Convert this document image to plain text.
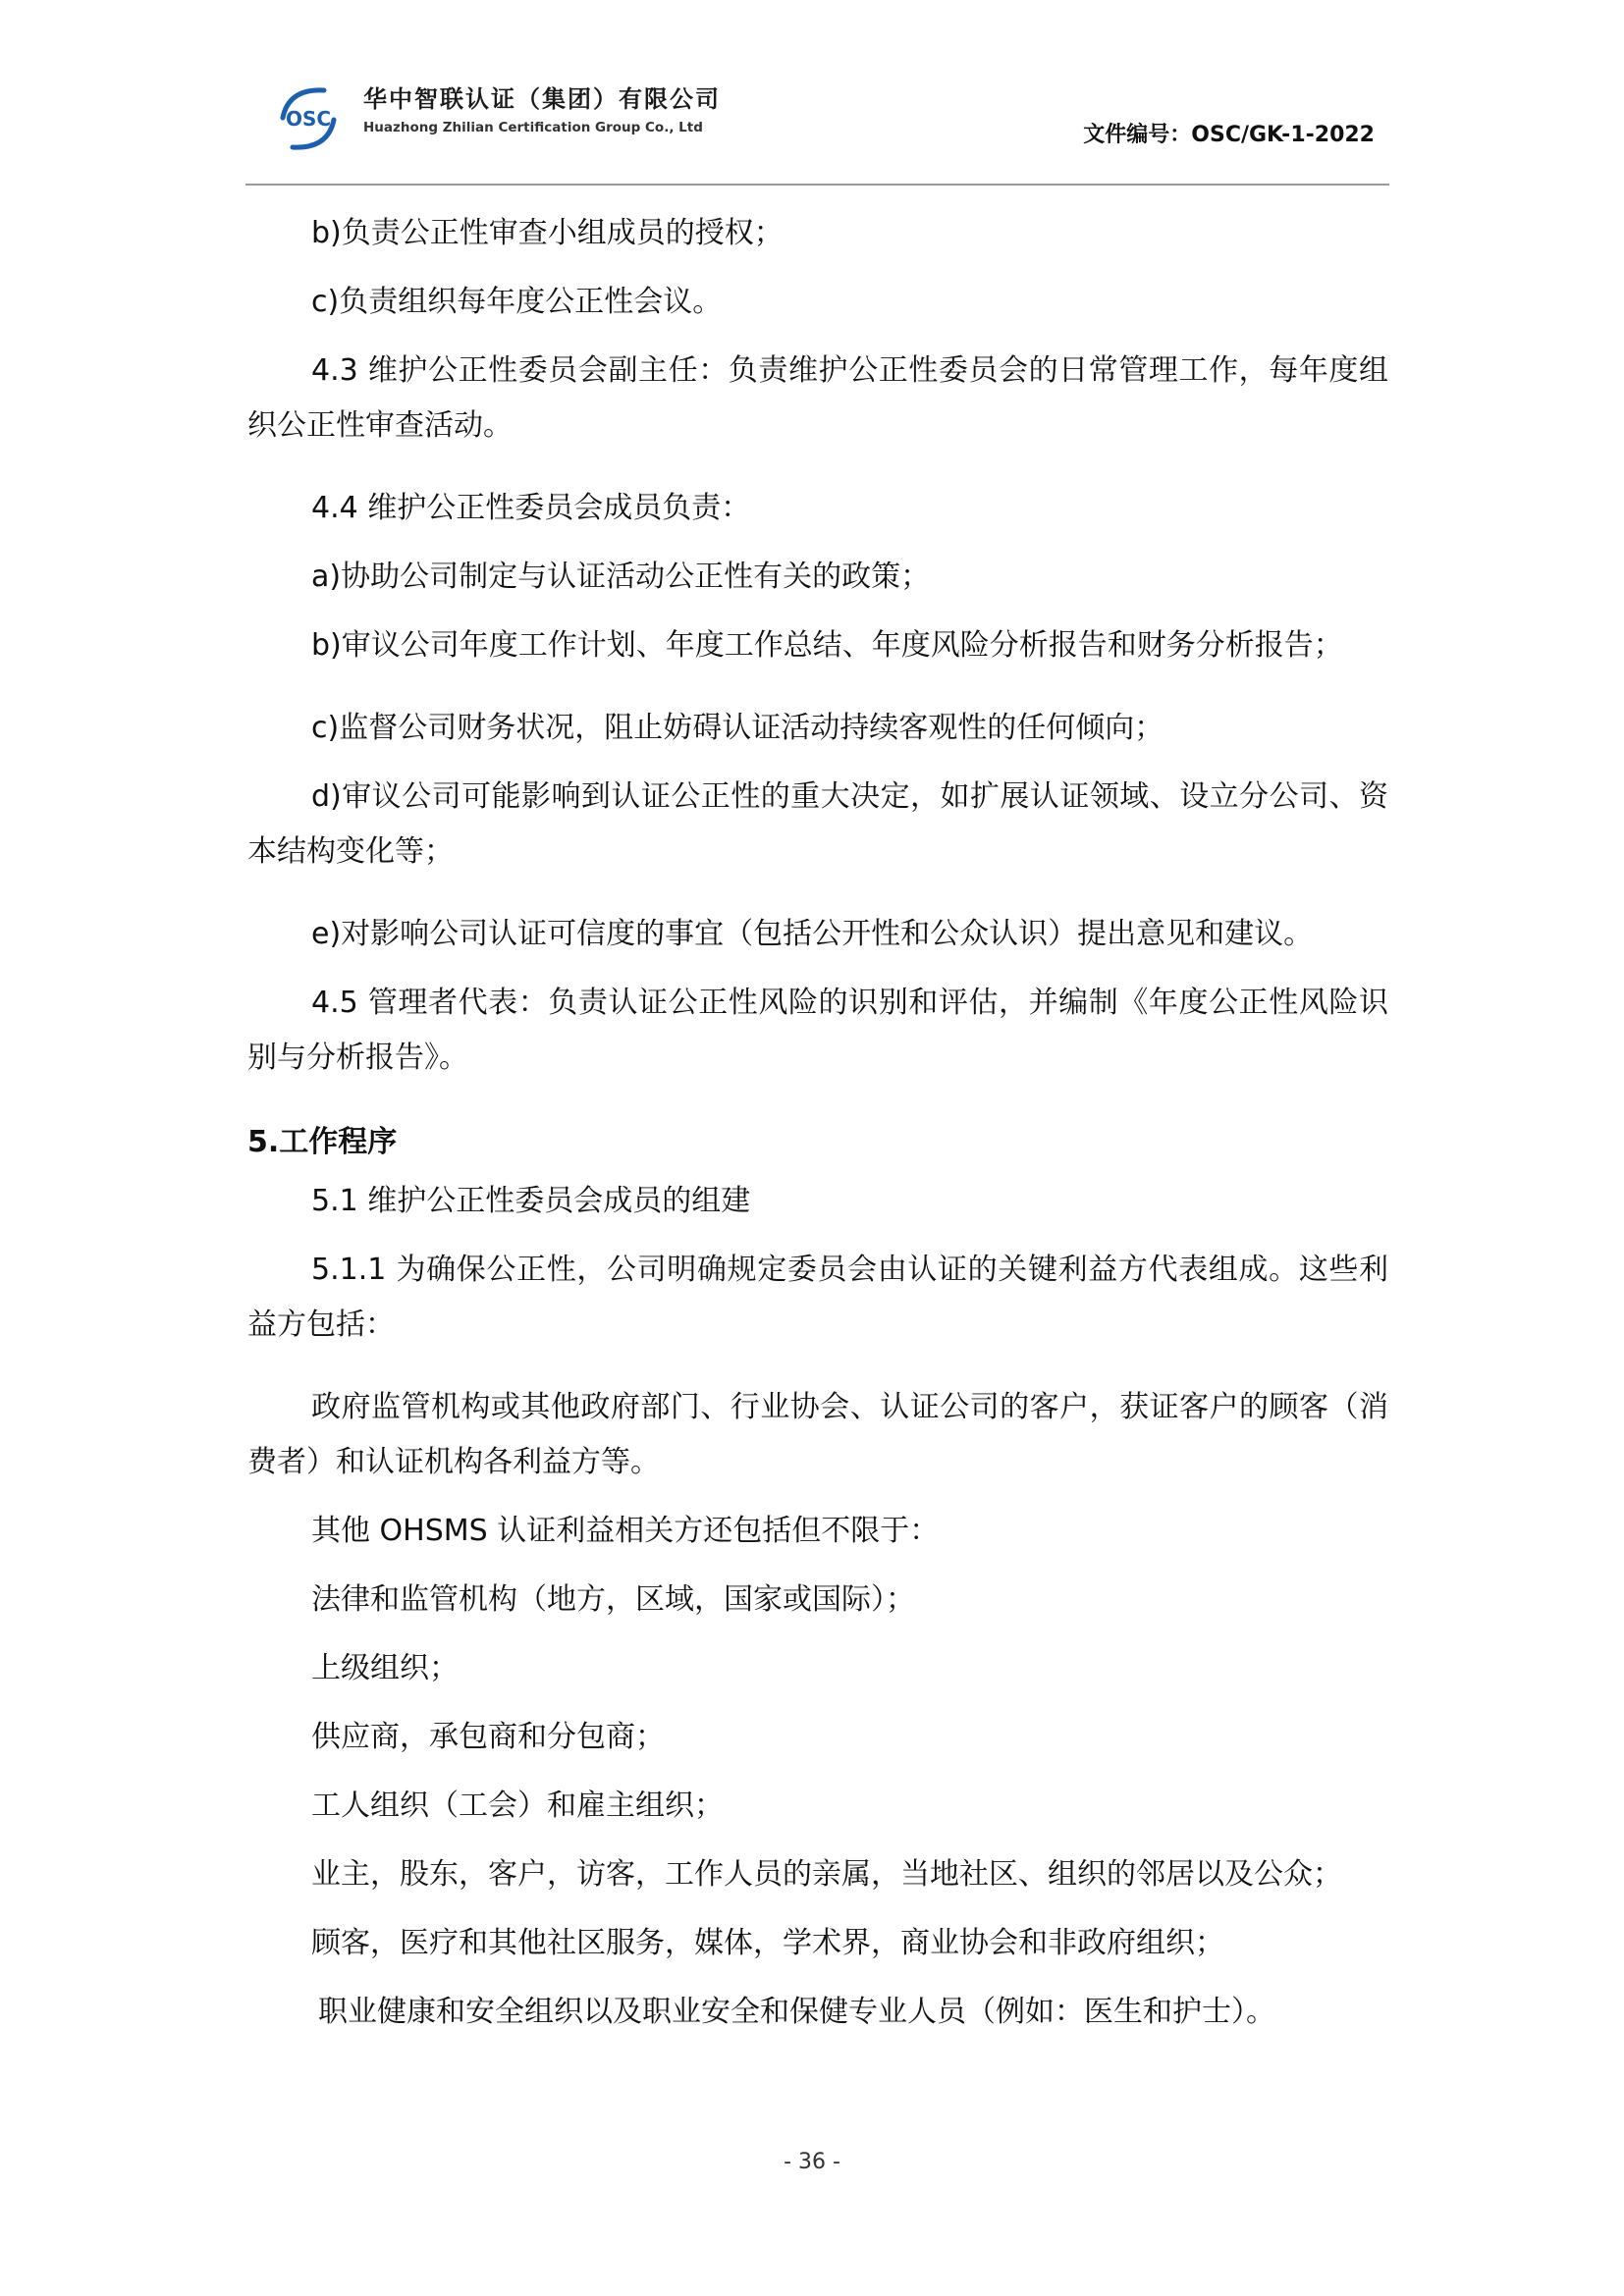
OSC
华中智联认证（集团）有限公司
Huazhong Zhilian Certification Group Co., Ltd	文件编号：OSC/GK-1-2022

b)负责公正性审查小组成员的授权；

c)负责组织每年度公正性会议。

4.3 维护公正性委员会副主任：负责维护公正性委员会的日常管理工作，每年度组织公正性审查活动。

4.4 维护公正性委员会成员负责：

a)协助公司制定与认证活动公正性有关的政策；

b)审议公司年度工作计划、年度工作总结、年度风险分析报告和财务分析报告；

c)监督公司财务状况，阻止妨碍认证活动持续客观性的任何倾向；

d)审议公司可能影响到认证公正性的重大决定，如扩展认证领域、设立分公司、资本结构变化等；

e)对影响公司认证可信度的事宜（包括公开性和公众认识）提出意见和建议。

4.5 管理者代表：负责认证公正性风险的识别和评估，并编制《年度公正性风险识别与分析报告》。

5.工作程序

5.1 维护公正性委员会成员的组建

5.1.1 为确保公正性，公司明确规定委员会由认证的关键利益方代表组成。这些利益方包括：

政府监管机构或其他政府部门、行业协会、认证公司的客户，获证客户的顾客（消费者）和认证机构各利益方等。

其他 OHSMS 认证利益相关方还包括但不限于：

法律和监管机构（地方，区域，国家或国际）；

上级组织；

供应商，承包商和分包商；

工人组织（工会）和雇主组织；

业主，股东，客户，访客，工作人员的亲属，当地社区、组织的邻居以及公众；

顾客，医疗和其他社区服务，媒体，学术界，商业协会和非政府组织；

职业健康和安全组织以及职业安全和保健专业人员（例如：医生和护士）。

- 36 -
